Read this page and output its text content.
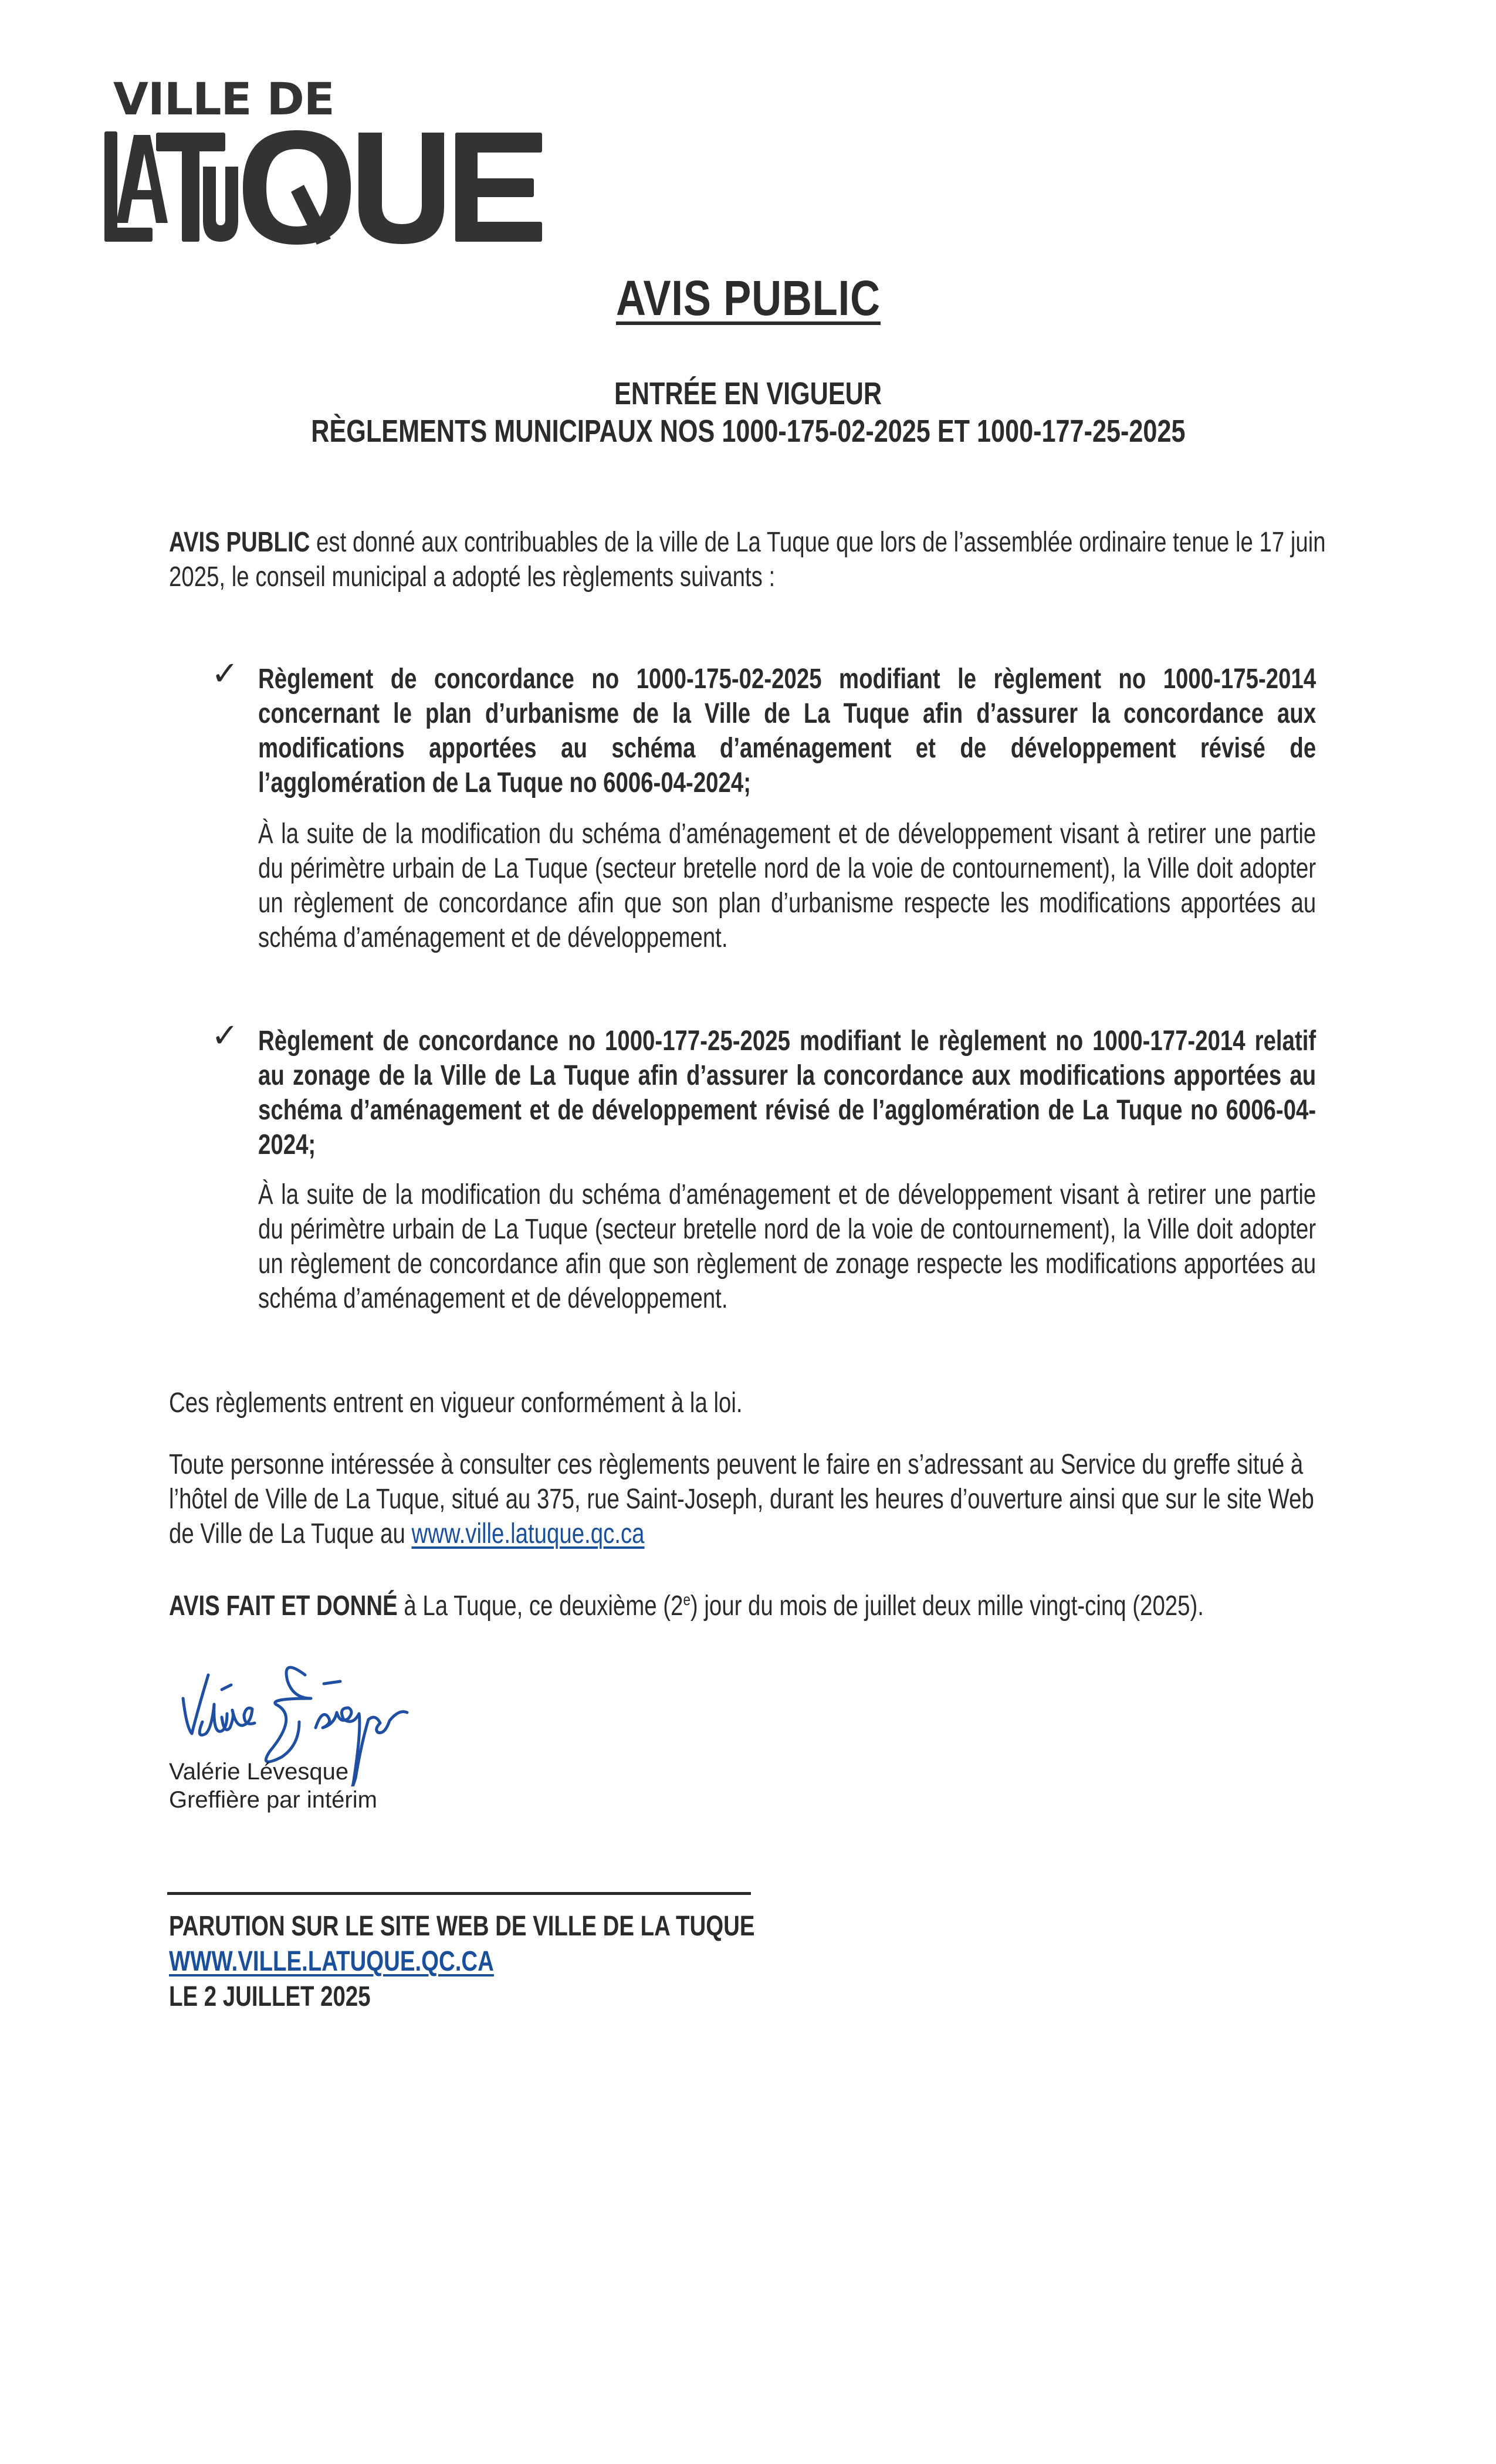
VILLE DE
AVIS PUBLIC
ENTRÉE EN VIGUEUR
RÈGLEMENTS MUNICIPAUX NOS 1000-175-02-2025 ET 1000-177-25-2025
AVIS PUBLIC est donné aux contribuables de la ville de La Tuque que lors de l’assemblée ordinaire tenue le 17 juin 2025, le conseil municipal a adopté les règlements suivants :
✓ Règlement de concordance no 1000-175-02-2025 modifiant le règlement no 1000-175-2014 concernant le plan d’urbanisme de la Ville de La Tuque afin d’assurer la concordance aux modifications apportées au schéma d’aménagement et de développement révisé de l’agglomération de La Tuque no 6006-04-2024;
À la suite de la modification du schéma d’aménagement et de développement visant à retirer une partie du périmètre urbain de La Tuque (secteur bretelle nord de la voie de contournement), la Ville doit adopter un règlement de concordance afin que son plan d’urbanisme respecte les modifications apportées au schéma d’aménagement et de développement.
✓ Règlement de concordance no 1000-177-25-2025 modifiant le règlement no 1000-177-2014 relatif au zonage de la Ville de La Tuque afin d’assurer la concordance aux modifications apportées au schéma d’aménagement et de développement révisé de l’agglomération de La Tuque no 6006-04-2024;
À la suite de la modification du schéma d’aménagement et de développement visant à retirer une partie du périmètre urbain de La Tuque (secteur bretelle nord de la voie de contournement), la Ville doit adopter un règlement de concordance afin que son règlement de zonage respecte les modifications apportées au schéma d’aménagement et de développement.
Ces règlements entrent en vigueur conformément à la loi.
Toute personne intéressée à consulter ces règlements peuvent le faire en s’adressant au Service du greffe situé à l’hôtel de Ville de La Tuque, situé au 375, rue Saint-Joseph, durant les heures d’ouverture ainsi que sur le site Web de Ville de La Tuque au www.ville.latuque.qc.ca
AVIS FAIT ET DONNÉ à La Tuque, ce deuxième (2e) jour du mois de juillet deux mille vingt-cinq (2025).
Valérie Lévesque
Greffière par intérim
PARUTION SUR LE SITE WEB DE VILLE DE LA TUQUE
WWW.VILLE.LATUQUE.QC.CA
LE 2 JUILLET 2025
